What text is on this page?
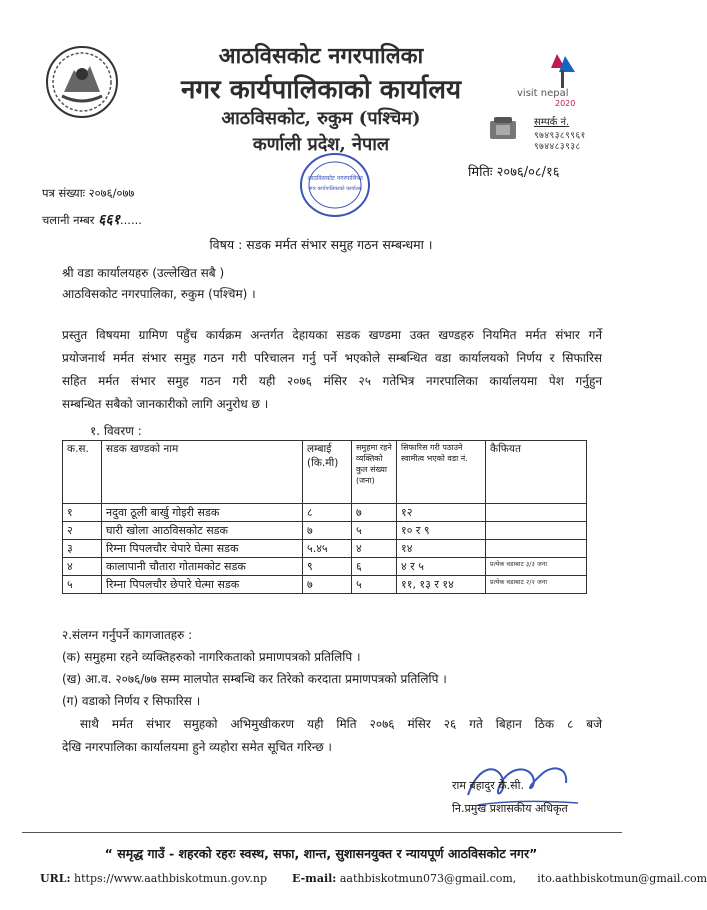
आठविसकोट नगरपालिका
नगर कार्यपालिकाको कार्यालय
आठविसकोट, रुकुम (पश्चिम)
कर्णाली प्रदेश, नेपाल
visit nepal
2020
सम्पर्क नं.
९७४९३८९९६१
९७४४८३९३८
आठविसकोट नगरपालिका
नगर कार्यपालिकाको कार्यालय
मितिः २०७६/०८/१६
पत्र संख्याः २०७६/०७७
चलानी नम्बर ६६१......
विषय : सडक मर्मत संभार समुह गठन सम्बन्धमा ।
श्री वडा कार्यालयहरु (उल्लेखित सबै )
आठविसकोट नगरपालिका, रुकुम (पश्चिम) ।
प्रस्तुत विषयमा ग्रामिण पहुँच कार्यक्रम अन्तर्गत देहायका सडक खण्डमा उक्त खण्डहरु नियमित मर्मत संभार गर्ने
प्रयोजनार्थ मर्मत संभार समुह गठन गरी परिचालन गर्नु पर्ने भएकोले सम्बन्धित वडा कार्यालयको निर्णय र सिफारिस
सहित मर्मत संभार समुह गठन गरी यही २०७६ मंसिर २५ गतेभित्र नगरपालिका कार्यालयमा पेश गर्नुहुन
सम्बन्धित सबैको जानकारीको लागि अनुरोध छ ।
१. विवरण :
क.स.	सडक खण्डको नाम	लम्बाई (कि.मी)	समुहमा रहने व्यक्तिको कुल संख्या (जना)	सिफारिस गरी पठाउने स्वामीत्व भएको वडा नं.	कैफियत
१	नदुवा ठूली बार्खु गोइरी सडक	८	७	१२	
२	घारी खोला आठविसकोट सडक	७	५	१० र ९	
३	रिम्ना पिपलचौर चेपारे घेत्मा सडक	५.४५	४	१४	
४	कालापानी चौतारा गोतामकोट सडक	९	६	४ र ५	प्रत्येक वडाबाट ३/३ जना
५	रिम्ना पिपलचौर छेपारे घेत्मा सडक	७	५	११, १३ र १४	प्रत्येक वडाबाट २/२ जना
२.संलग्न गर्नुपर्ने कागजातहरु :
(क) समुहमा रहने व्यक्तिहरुको नागरिकताको प्रमाणपत्रको प्रतिलिपि ।
(ख) आ.व. २०७६/७७ सम्म मालपोत सम्बन्धि कर तिरेको करदाता प्रमाणपत्रको प्रतिलिपि ।
(ग) वडाको निर्णय र सिफारिस ।
साथै मर्मत संभार समुहको अभिमुखीकरण यही मिति २०७६ मंसिर २६ गते बिहान ठिक ८ बजे
देखि नगरपालिका कार्यालयमा हुने व्यहोरा समेत सूचित गरिन्छ ।
राम बहादुर के.सी.
नि.प्रमुख प्रशासकीय अधिकृत
“ समृद्ध गाउँ - शहरको रहरः स्वस्थ, सफा, शान्त, सुशासनयुक्त र न्यायपूर्ण आठविसकोट नगर”
URL: https://www.aathbiskotmun.gov.np E-mail: aathbiskotmun073@gmail.com, ito.aathbiskotmun@gmail.com
